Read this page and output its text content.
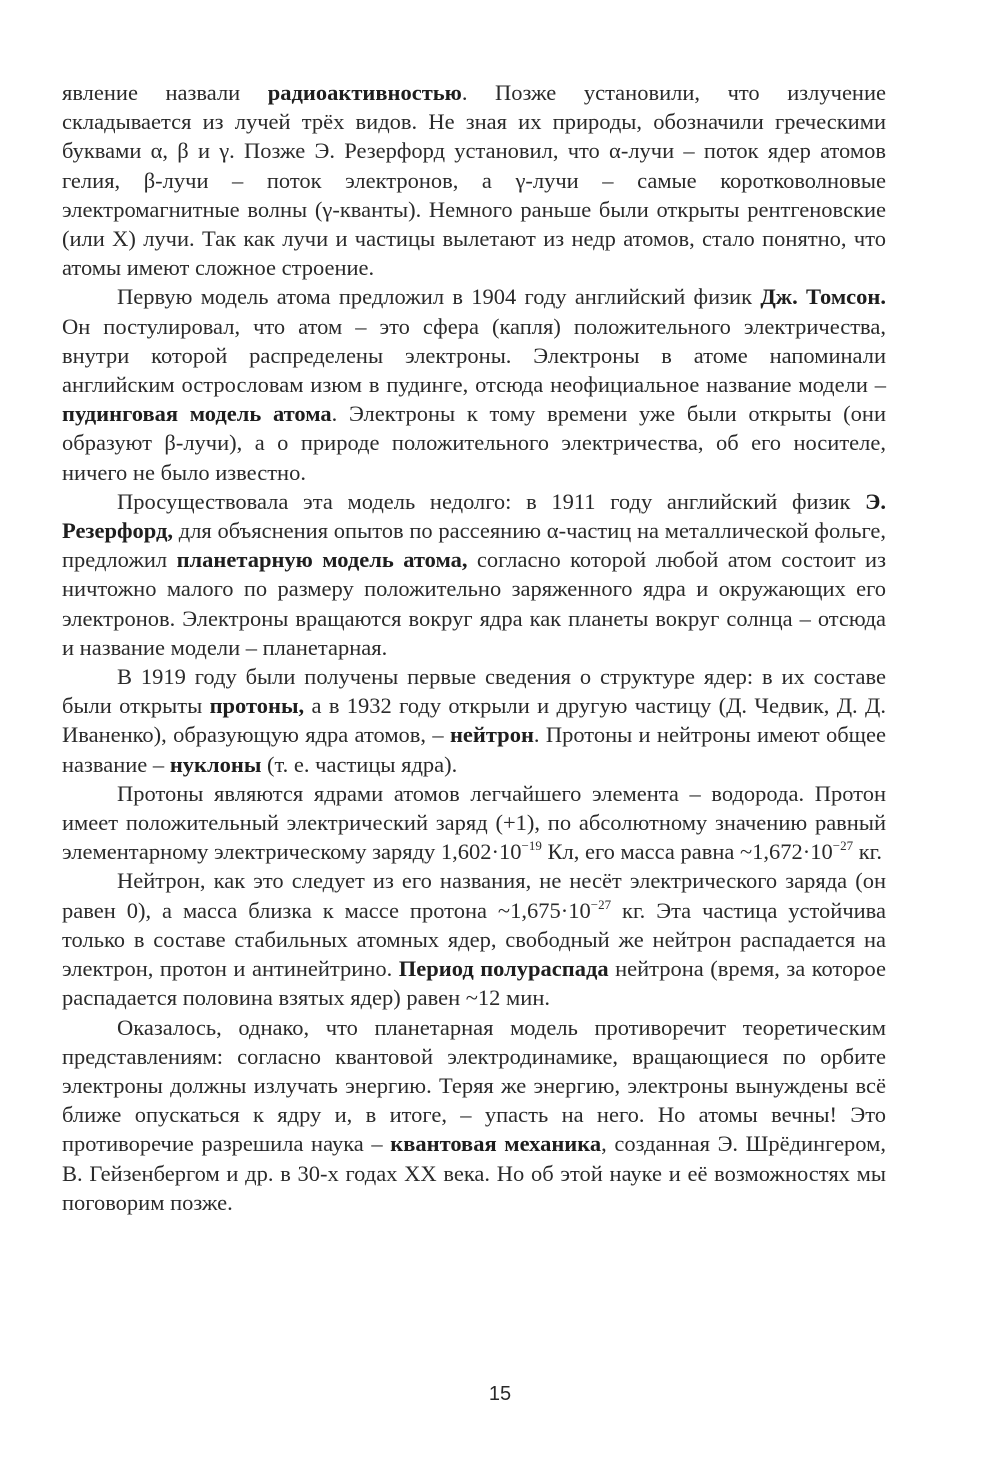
явление назвали радиоактивностью. Позже установили, что излучение складывается из лучей трёх видов. Не зная их природы, обозначили греческими буквами α, β и γ. Позже Э. Резерфорд установил, что α-лучи – поток ядер атомов гелия, β-лучи – поток электронов, а γ-лучи – самые коротковолновые электромагнитные волны (γ-кванты). Немного раньше были открыты рентгеновские (или X) лучи. Так как лучи и частицы вылетают из недр атомов, стало понятно, что атомы имеют сложное строение.

Первую модель атома предложил в 1904 году английский физик Дж. Томсон. Он постулировал, что атом – это сфера (капля) положительного электричества, внутри которой распределены электроны. Электроны в атоме напоминали английским острословам изюм в пудинге, отсюда неофициальное название модели – пудинговая модель атома. Электроны к тому времени уже были открыты (они образуют β-лучи), а о природе положительного электричества, об его носителе, ничего не было известно.

Просуществовала эта модель недолго: в 1911 году английский физик Э. Резерфорд, для объяснения опытов по рассеянию α-частиц на металлической фольге, предложил планетарную модель атома, согласно которой любой атом состоит из ничтожно малого по размеру положительно заряженного ядра и окружающих его электронов. Электроны вращаются вокруг ядра как планеты вокруг солнца – отсюда и название модели – планетарная.

В 1919 году были получены первые сведения о структуре ядер: в их составе были открыты протоны, а в 1932 году открыли и другую частицу (Д. Чедвик, Д. Д. Иваненко), образующую ядра атомов, – нейтрон. Протоны и нейтроны имеют общее название – нуклоны (т. е. частицы ядра).

Протоны являются ядрами атомов легчайшего элемента – водорода. Протон имеет положительный электрический заряд (+1), по абсолютному значению равный элементарному электрическому заряду $1,602\cdot 10^{-19}$ Кл, его масса равна $\sim 1,672\cdot 10^{-27}$ кг.

Нейтрон, как это следует из его названия, не несёт электрического заряда (он равен 0), а масса близка к массе протона $\sim 1,675\cdot 10^{-27}$ кг. Эта частица устойчива только в составе стабильных атомных ядер, свободный же нейтрон распадается на электрон, протон и антинейтрино. Период полураспада нейтрона (время, за которое распадается половина взятых ядер) равен ~12 мин.

Оказалось, однако, что планетарная модель противоречит теоретическим представлениям: согласно квантовой электродинамике, вращающиеся по орбите электроны должны излучать энергию. Теряя же энергию, электроны вынуждены всё ближе опускаться к ядру и, в итоге, – упасть на него. Но атомы вечны! Это противоречие разрешила наука – квантовая механика, созданная Э. Шрёдингером, В. Гейзенбергом и др. в 30-х годах XX века. Но об этой науке и её возможностях мы поговорим позже.

15
